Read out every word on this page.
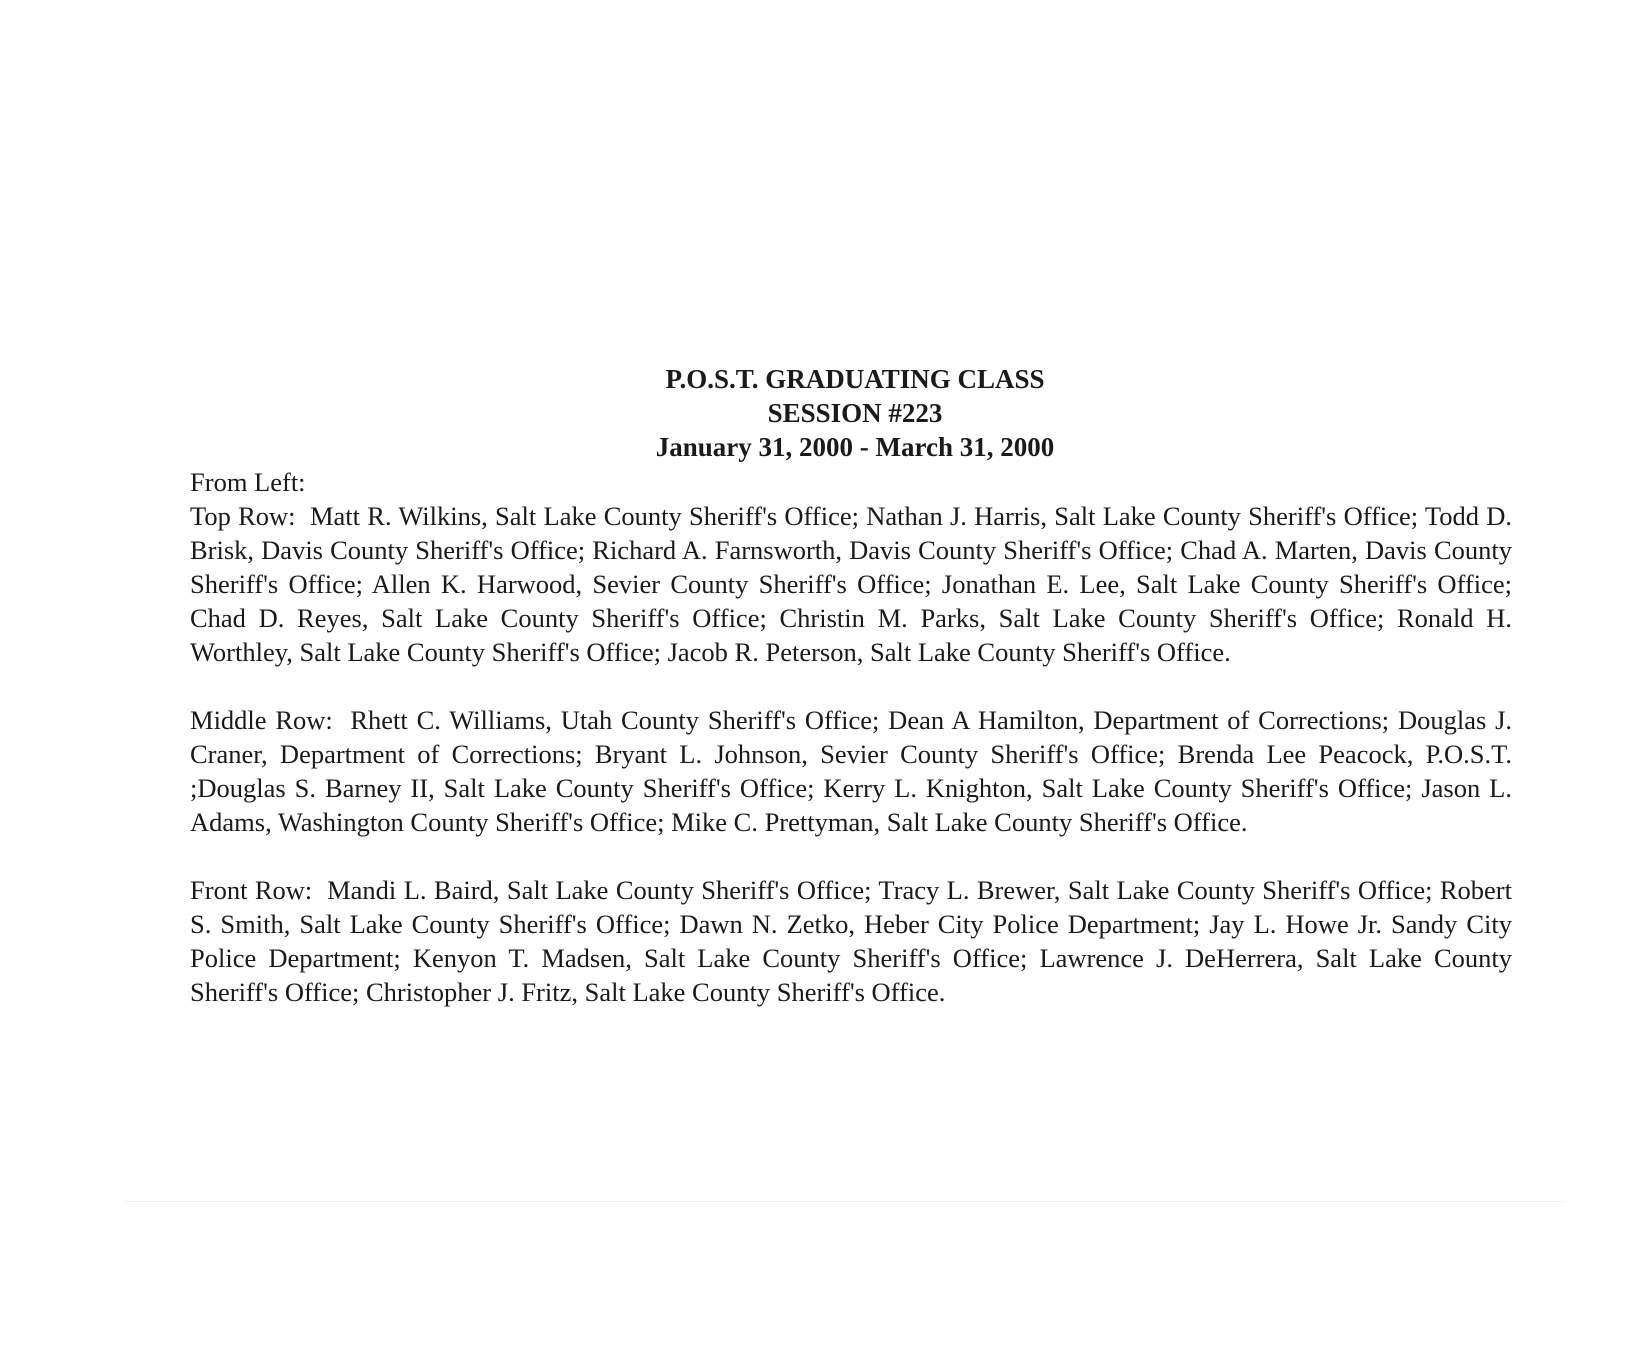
P.O.S.T. GRADUATING CLASS
SESSION #223
January 31, 2000 - March 31, 2000

From Left:

Top Row: Matt R. Wilkins, Salt Lake County Sheriff's Office; Nathan J. Harris, Salt Lake County Sheriff's Office; Todd D. Brisk, Davis County Sheriff's Office; Richard A. Farnsworth, Davis County Sheriff's Office; Chad A. Marten, Davis County Sheriff's Office; Allen K. Harwood, Sevier County Sheriff's Office; Jonathan E. Lee, Salt Lake County Sheriff's Office; Chad D. Reyes, Salt Lake County Sheriff's Office; Christin M. Parks, Salt Lake County Sheriff's Office; Ronald H. Worthley, Salt Lake County Sheriff's Office; Jacob R. Peterson, Salt Lake County Sheriff's Office.

Middle Row: Rhett C. Williams, Utah County Sheriff's Office; Dean A Hamilton, Department of Corrections; Douglas J. Craner, Department of Corrections; Bryant L. Johnson, Sevier County Sheriff's Office; Brenda Lee Peacock, P.O.S.T. ;Douglas S. Barney II, Salt Lake County Sheriff's Office; Kerry L. Knighton, Salt Lake County Sheriff's Office; Jason L. Adams, Washington County Sheriff's Office; Mike C. Prettyman, Salt Lake County Sheriff's Office.

Front Row: Mandi L. Baird, Salt Lake County Sheriff's Office; Tracy L. Brewer, Salt Lake County Sheriff's Office; Robert S. Smith, Salt Lake County Sheriff's Office; Dawn N. Zetko, Heber City Police Department; Jay L. Howe Jr. Sandy City Police Department; Kenyon T. Madsen, Salt Lake County Sheriff's Office; Lawrence J. DeHerrera, Salt Lake County Sheriff's Office; Christopher J. Fritz, Salt Lake County Sheriff's Office.
